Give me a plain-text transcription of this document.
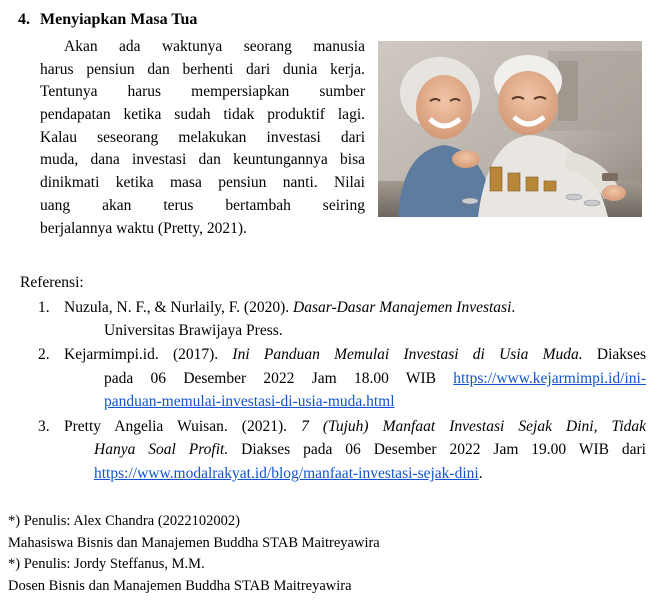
4. Menyiapkan Masa Tua
Akan ada waktunya seorang manusia
harus pensiun dan berhenti dari dunia kerja.
Tentunya harus mempersiapkan sumber
pendapatan ketika sudah tidak produktif lagi.
Kalau seseorang melakukan investasi dari
muda, dana investasi dan keuntungannya bisa
dinikmati ketika masa pensiun nanti. Nilai
uang akan terus bertambah seiring
berjalannya waktu (Pretty, 2021).
Referensi:
1. Nuzula, N. F., & Nurlaily, F. (2020). Dasar-Dasar Manajemen Investasi.
Universitas Brawijaya Press.
2. Kejarmimpi.id. (2017). Ini Panduan Memulai Investasi di Usia Muda. Diakses
pada 06 Desember 2022 Jam 18.00 WIB https://www.kejarmimpi.id/ini-
panduan-memulai-investasi-di-usia-muda.html
3. Pretty Angelia Wuisan. (2021). 7 (Tujuh) Manfaat Investasi Sejak Dini, Tidak
Hanya Soal Profit. Diakses pada 06 Desember 2022 Jam 19.00 WIB dari
https://www.modalrakyat.id/blog/manfaat-investasi-sejak-dini.
*) Penulis: Alex Chandra (2022102002)
Mahasiswa Bisnis dan Manajemen Buddha STAB Maitreyawira
*) Penulis: Jordy Steffanus, M.M.
Dosen Bisnis dan Manajemen Buddha STAB Maitreyawira
